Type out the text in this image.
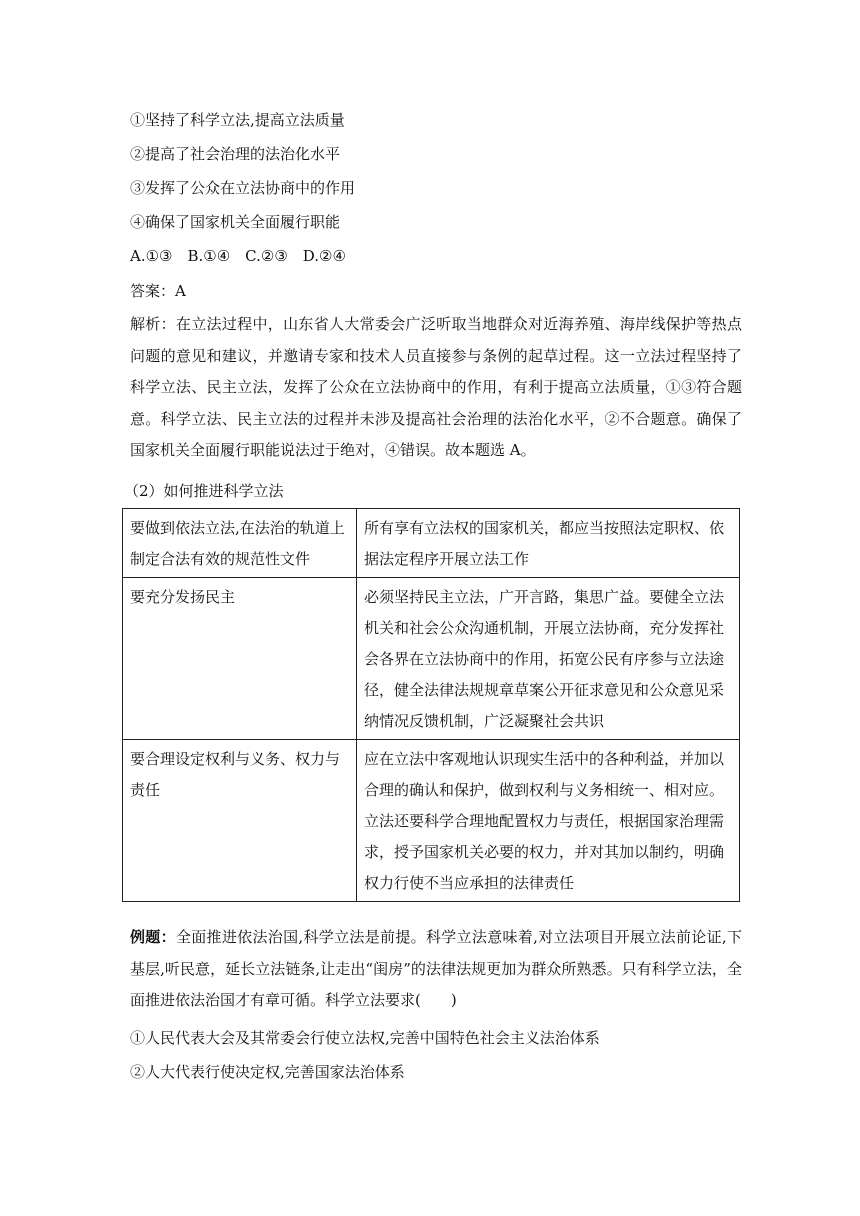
①坚持了科学立法,提高立法质量
②提高了社会治理的法治化水平
③发挥了公众在立法协商中的作用
④确保了国家机关全面履行职能
A.①③　B.①④　C.②③　D.②④
答案：A
解析：在立法过程中，山东省人大常委会广泛听取当地群众对近海养殖、海岸线保护等热点问题的意见和建议，并邀请专家和技术人员直接参与条例的起草过程。这一立法过程坚持了科学立法、民主立法，发挥了公众在立法协商中的作用，有利于提高立法质量，①③符合题意。科学立法、民主立法的过程并未涉及提高社会治理的法治化水平，②不合题意。确保了国家机关全面履行职能说法过于绝对，④错误。故本题选 A。
（2）如何推进科学立法
要做到依法立法,在法治的轨道上制定合法有效的规范性文件	所有享有立法权的国家机关，都应当按照法定职权、依据法定程序开展立法工作
要充分发扬民主	必须坚持民主立法，广开言路，集思广益。要健全立法机关和社会公众沟通机制，开展立法协商，充分发挥社会各界在立法协商中的作用，拓宽公民有序参与立法途径，健全法律法规规章草案公开征求意见和公众意见采纳情况反馈机制，广泛凝聚社会共识
要合理设定权利与义务、权力与责任	应在立法中客观地认识现实生活中的各种利益，并加以合理的确认和保护，做到权利与义务相统一、相对应。立法还要科学合理地配置权力与责任，根据国家治理需求，授予国家机关必要的权力，并对其加以制约，明确权力行使不当应承担的法律责任
例题：全面推进依法治国,科学立法是前提。科学立法意味着,对立法项目开展立法前论证,下基层,听民意，延长立法链条,让走出“闺房”的法律法规更加为群众所熟悉。只有科学立法，全面推进依法治国才有章可循。科学立法要求(　　)
①人民代表大会及其常委会行使立法权,完善中国特色社会主义法治体系
②人大代表行使决定权,完善国家法治体系
